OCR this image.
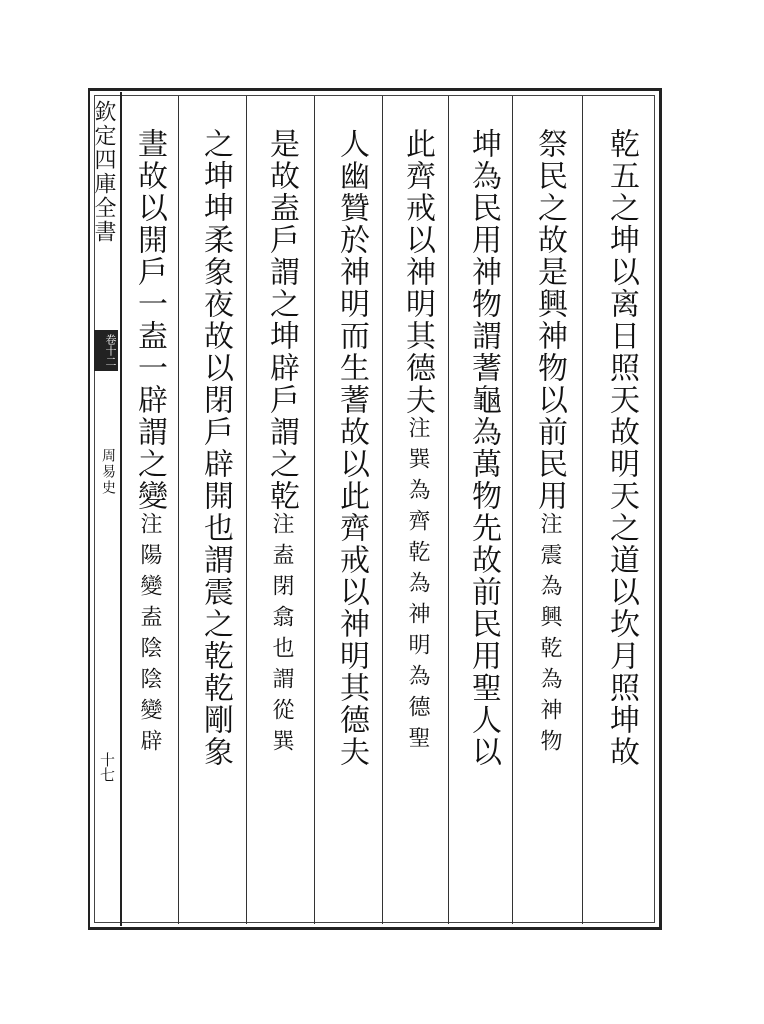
欽定四庫全書
卷十二
周易史
十七	乾五之坤以离日照天故明天之道以坎月照坤故
祭民之故是興神物以前民用注震為興乾為神物
坤為民用神物謂蓍龜為萬物先故前民用聖人以
此齊戒以神明其德夫注巽為齊乾為神明為德聖
人幽贊於神明而生蓍故以此齊戒以神明其德夫
是故盍戶謂之坤辟戶謂之乾注盍閉翕也謂從巽
之坤坤柔象夜故以閉戶辟開也謂震之乾乾剛象
晝故以開戶一盍一辟謂之變注陽變盍陰陰變辟
